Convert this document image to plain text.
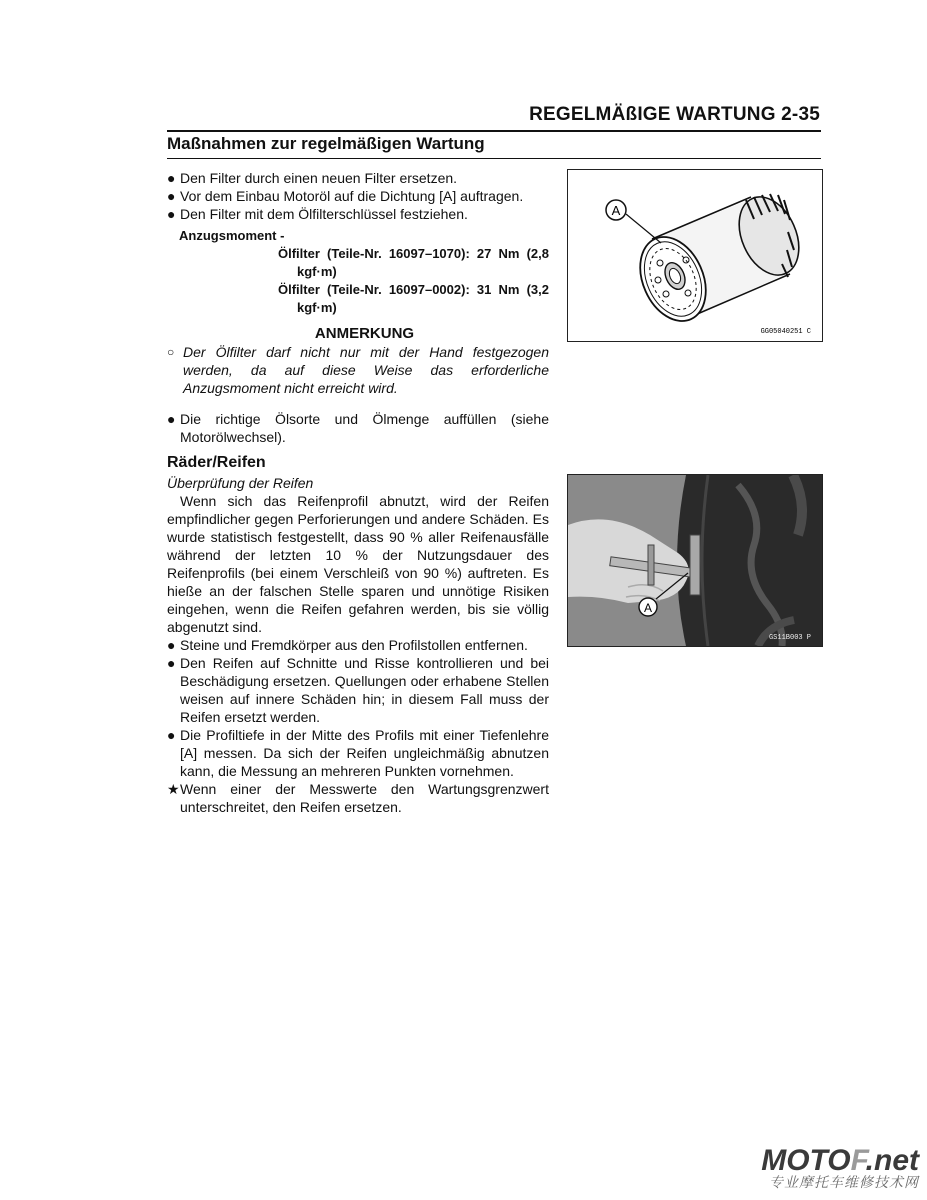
REGELMÄßIGE WARTUNG 2-35
Maßnahmen zur regelmäßigen Wartung
● Den Filter durch einen neuen Filter ersetzen.
● Vor dem Einbau Motoröl auf die Dichtung [A] auftragen.
● Den Filter mit dem Ölfilterschlüssel festziehen.
Anzugsmoment -
Ölfilter (Teile-Nr. 16097–1070): 27 Nm (2,8
kgf·m)
Ölfilter (Teile-Nr. 16097–0002): 31 Nm (3,2
kgf·m)
ANMERKUNG
○ Der Ölfilter darf nicht nur mit der Hand festgezogen werden, da auf diese Weise das erforderliche Anzugsmoment nicht erreicht wird.
● Die richtige Ölsorte und Ölmenge auffüllen (siehe Motorölwechsel).
Räder/Reifen
Überprüfung der Reifen
Wenn sich das Reifenprofil abnutzt, wird der Reifen empfindlicher gegen Perforierungen und andere Schäden. Es wurde statistisch festgestellt, dass 90 % aller Reifenausfälle während der letzten 10 % der Nutzungsdauer des Reifenprofils (bei einem Verschleiß von 90 %) auftreten. Es hieße an der falschen Stelle sparen und unnötige Risiken eingehen, wenn die Reifen gefahren werden, bis sie völlig abgenutzt sind.
● Steine und Fremdkörper aus den Profilstollen entfernen.
● Den Reifen auf Schnitte und Risse kontrollieren und bei Beschädigung ersetzen. Quellungen oder erhabene Stellen weisen auf innere Schäden hin; in diesem Fall muss der Reifen ersetzt werden.
● Die Profiltiefe in der Mitte des Profils mit einer Tiefenlehre [A] messen. Da sich der Reifen ungleichmäßig abnutzen kann, die Messung an mehreren Punkten vornehmen.
★ Wenn einer der Messwerte den Wartungsgrenzwert unterschreitet, den Reifen ersetzen.
A
GG05040251 C
A
GS11B003 P
MOTOF.net
专业摩托车维修技术网
